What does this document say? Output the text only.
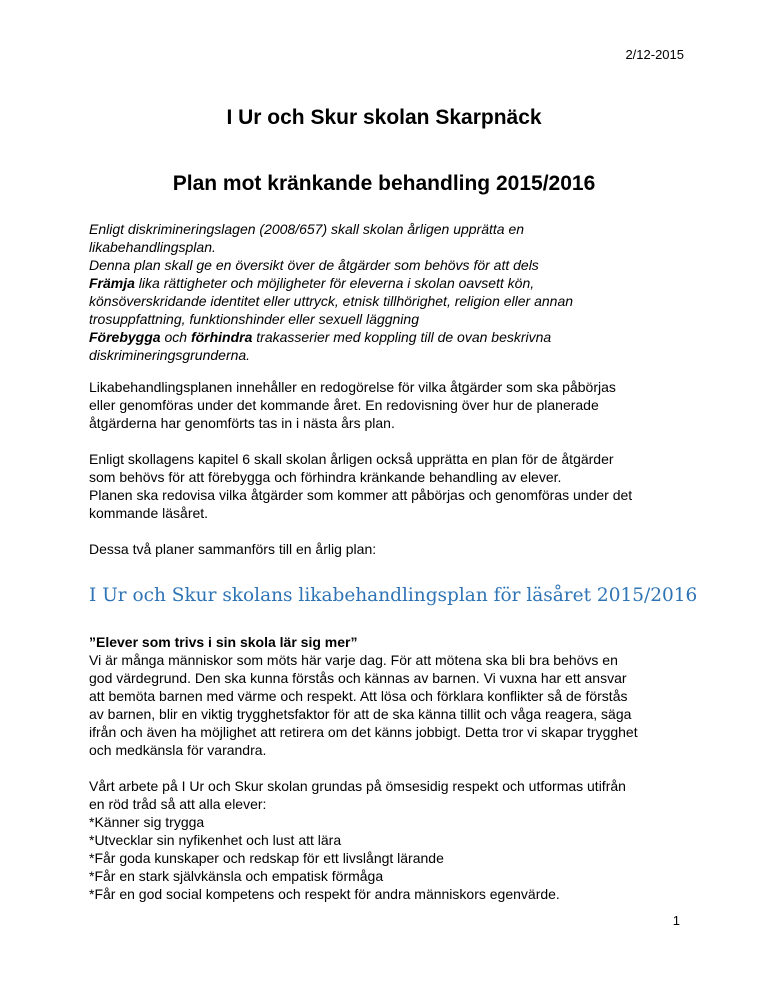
2/12-2015
I Ur och Skur skolan Skarpnäck
Plan mot kränkande behandling 2015/2016
Enligt diskrimineringslagen (2008/657) skall skolan årligen upprätta en
likabehandlingsplan.
Denna plan skall ge en översikt över de åtgärder som behövs för att dels
Främja lika rättigheter och möjligheter för eleverna i skolan oavsett kön,
könsöverskridande identitet eller uttryck, etnisk tillhörighet, religion eller annan
trosuppfattning, funktionshinder eller sexuell läggning
Förebygga och förhindra trakasserier med koppling till de ovan beskrivna
diskrimineringsgrunderna.
Likabehandlingsplanen innehåller en redogörelse för vilka åtgärder som ska påbörjas
eller genomföras under det kommande året. En redovisning över hur de planerade
åtgärderna har genomförts tas in i nästa års plan.
Enligt skollagens kapitel 6 skall skolan årligen också upprätta en plan för de åtgärder
som behövs för att förebygga och förhindra kränkande behandling av elever.
Planen ska redovisa vilka åtgärder som kommer att påbörjas och genomföras under det
kommande läsåret.
Dessa två planer sammanförs till en årlig plan:
I Ur och Skur skolans likabehandlingsplan för läsåret 2015/2016
”Elever som trivs i sin skola lär sig mer”
Vi är många människor som möts här varje dag. För att mötena ska bli bra behövs en
god värdegrund. Den ska kunna förstås och kännas av barnen. Vi vuxna har ett ansvar
att bemöta barnen med värme och respekt. Att lösa och förklara konflikter så de förstås
av barnen, blir en viktig trygghetsfaktor för att de ska känna tillit och våga reagera, säga
ifrån och även ha möjlighet att retirera om det känns jobbigt. Detta tror vi skapar trygghet
och medkänsla för varandra.
Vårt arbete på I Ur och Skur skolan grundas på ömsesidig respekt och utformas utifrån
en röd tråd så att alla elever:
*Känner sig trygga
*Utvecklar sin nyfikenhet och lust att lära
*Får goda kunskaper och redskap för ett livslångt lärande
*Får en stark självkänsla och empatisk förmåga
*Får en god social kompetens och respekt för andra människors egenvärde.
1
